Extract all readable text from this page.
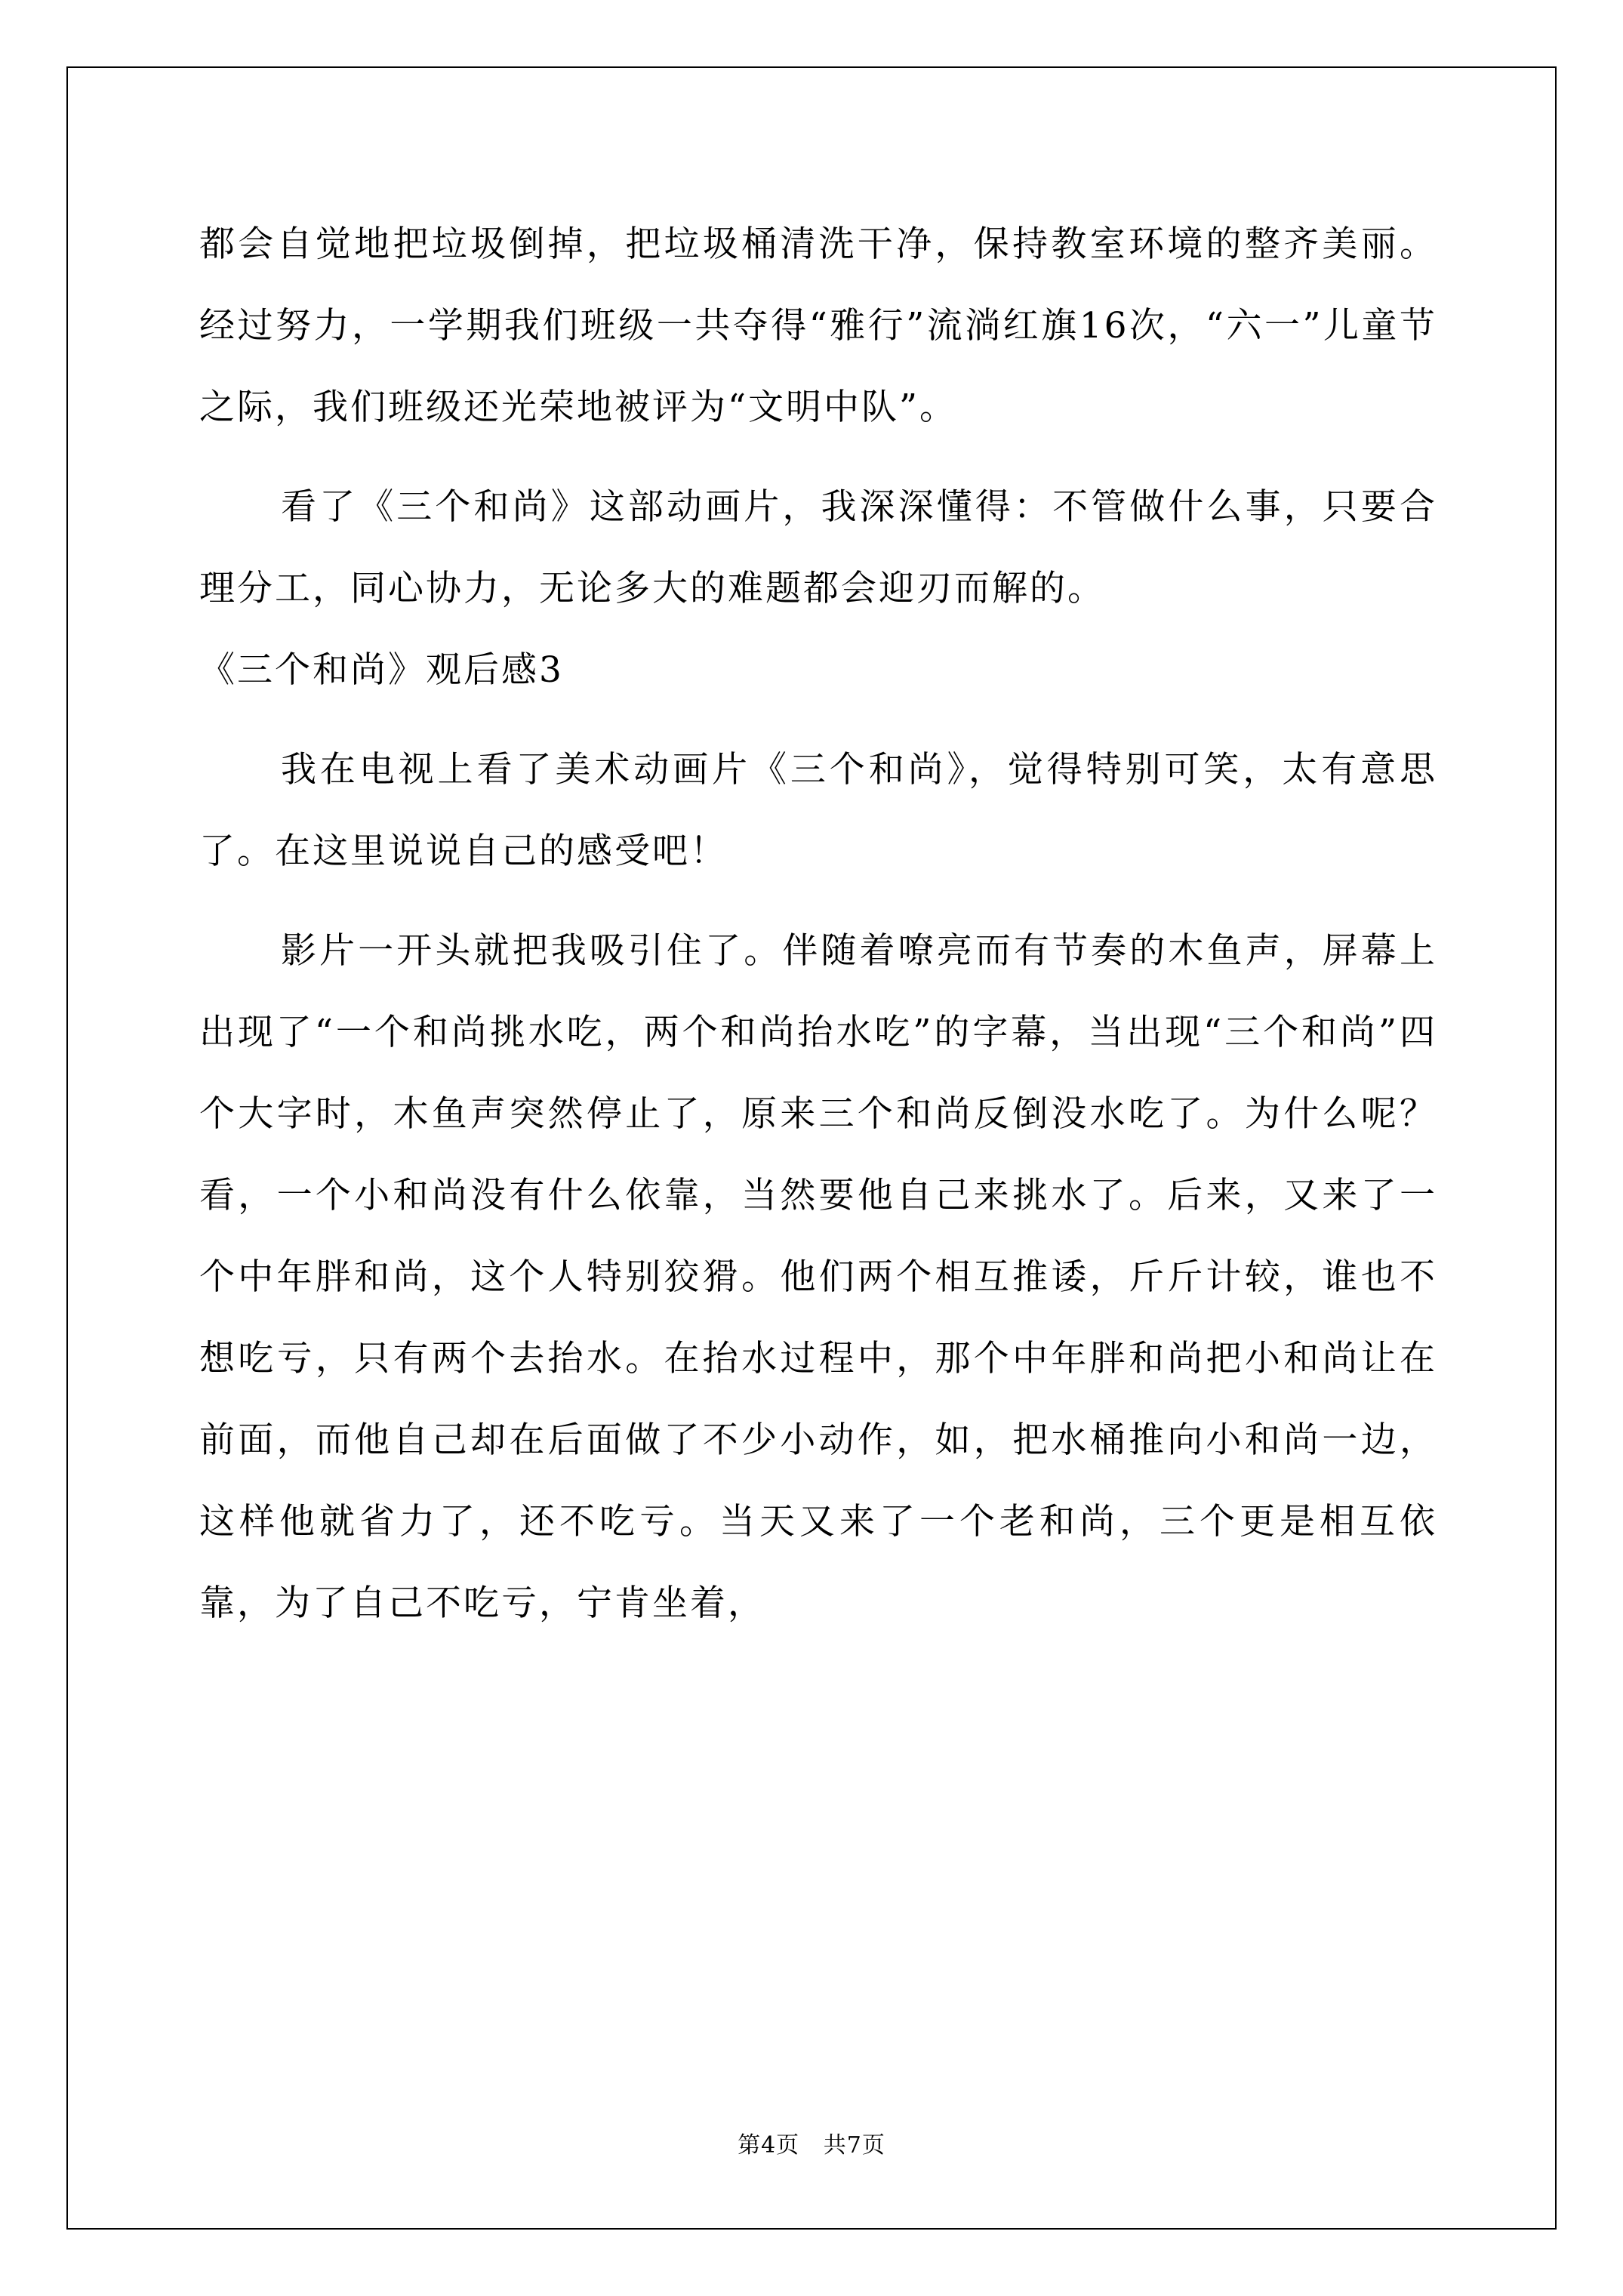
都会自觉地把垃圾倒掉，把垃圾桶清洗干净，保持教室环境的整齐美丽。经过努力，一学期我们班级一共夺得“雅行”流淌红旗16次，“六一”儿童节之际，我们班级还光荣地被评为“文明中队”。

看了《三个和尚》这部动画片，我深深懂得：不管做什么事，只要合理分工，同心协力，无论多大的难题都会迎刃而解的。

《三个和尚》观后感3

我在电视上看了美术动画片《三个和尚》，觉得特别可笑，太有意思了。在这里说说自己的感受吧！

影片一开头就把我吸引住了。伴随着嘹亮而有节奏的木鱼声，屏幕上出现了“一个和尚挑水吃，两个和尚抬水吃”的字幕，当出现“三个和尚”四个大字时，木鱼声突然停止了，原来三个和尚反倒没水吃了。为什么呢？看，一个小和尚没有什么依靠，当然要他自己来挑水了。后来，又来了一个中年胖和尚，这个人特别狡猾。他们两个相互推诿，斤斤计较，谁也不想吃亏，只有两个去抬水。在抬水过程中，那个中年胖和尚把小和尚让在前面，而他自己却在后面做了不少小动作，如，把水桶推向小和尚一边，这样他就省力了，还不吃亏。当天又来了一个老和尚，三个更是相互依靠，为了自己不吃亏，宁肯坐着，

第4页 共7页
